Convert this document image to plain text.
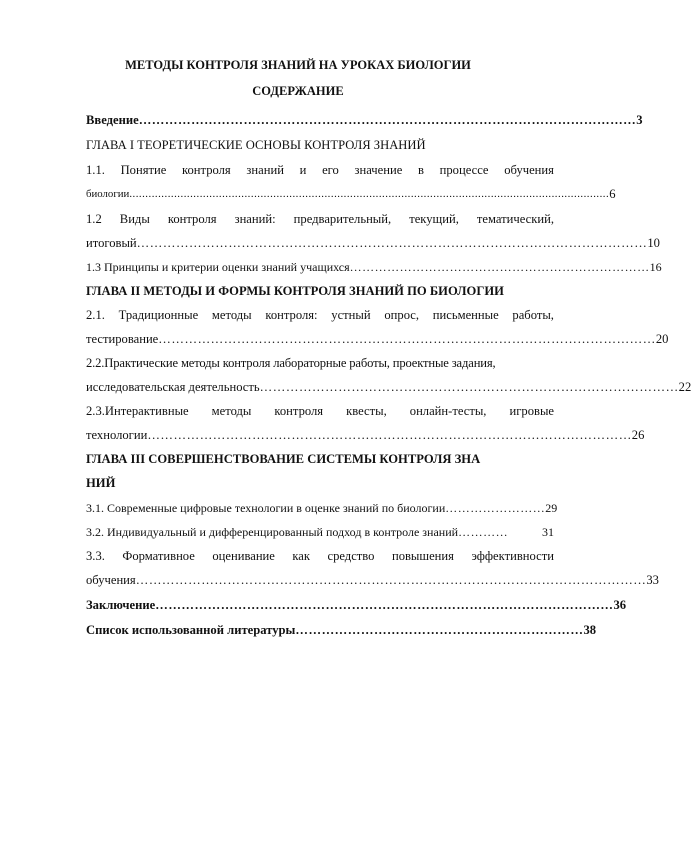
МЕТОДЫ КОНТРОЛЯ ЗНАНИЙ НА УРОКАХ БИОЛОГИИ
СОДЕРЖАНИЕ
Введение …………………………………………………………………………………………………… 3
ГЛАВА I ТЕОРЕТИЧЕСКИЕ ОСНОВЫ КОНТРОЛЯ ЗНАНИЙ
1.1. Понятие контроля знаний и его значение в процессе обучения
биологии ...................................................................................................................................................... 6
1.2 Виды контроля знаний: предварительный, текущий, тематический,
итоговый ……………………………………………………………………………………………………… 10
1.3 Принципы и критерии оценки знаний учащихся ……………………………………………………………… 16
ГЛАВА II МЕТОДЫ И ФОРМЫ КОНТРОЛЯ ЗНАНИЙ ПО БИОЛОГИИ
2.1. Традиционные методы контроля: устный опрос, письменные работы,
тестирование …………………………………………………………………………………………………… 20
2.2.Практические методы контроля лабораторные работы, проектные задания,
исследовательская деятельность …………………………………………………………………………………… 22
2.3.Интерактивные методы контроля квесты, онлайн-тесты, игровые
технологии ………………………………………………………………………………………………… 26
ГЛАВА III СОВЕРШЕНСТВОВАНИЕ СИСТЕМЫ КОНТРОЛЯ ЗНА
НИЙ
3.1. Современные цифровые технологии в оценке знаний по биологии …………………… 29
3.2. Индивидуальный и дифференцированный подход в контроле знаний …………	31
3.3. Формативное оценивание как средство повышения эффективности
обучения ……………………………………………………………………………………………………… 33
Заключение …………………………………………………………………………………………… 36
Список использованной литературы ………………………………………………………… 38
